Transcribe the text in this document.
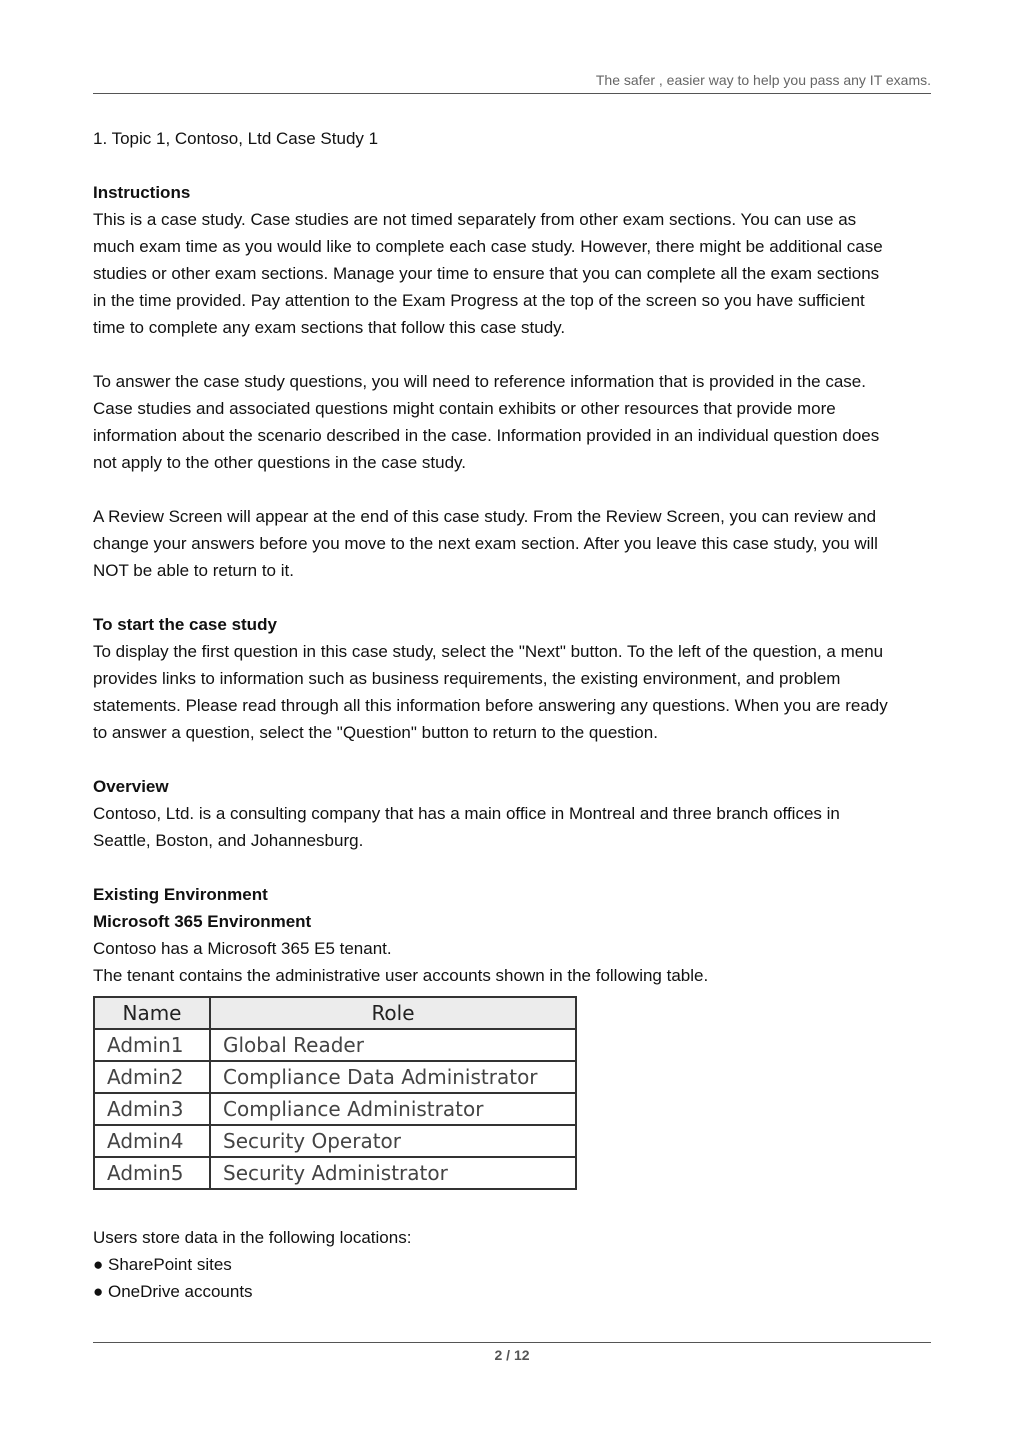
The safer , easier way to help you pass any IT exams.

1. Topic 1, Contoso, Ltd Case Study 1

Instructions
This is a case study. Case studies are not timed separately from other exam sections. You can use as
much exam time as you would like to complete each case study. However, there might be additional case
studies or other exam sections. Manage your time to ensure that you can complete all the exam sections
in the time provided. Pay attention to the Exam Progress at the top of the screen so you have sufficient
time to complete any exam sections that follow this case study.
To answer the case study questions, you will need to reference information that is provided in the case.
Case studies and associated questions might contain exhibits or other resources that provide more
information about the scenario described in the case. Information provided in an individual question does
not apply to the other questions in the case study.
A Review Screen will appear at the end of this case study. From the Review Screen, you can review and
change your answers before you move to the next exam section. After you leave this case study, you will
NOT be able to return to it.
To start the case study
To display the first question in this case study, select the "Next" button. To the left of the question, a menu
provides links to information such as business requirements, the existing environment, and problem
statements. Please read through all this information before answering any questions. When you are ready
to answer a question, select the "Question" button to return to the question.
Overview
Contoso, Ltd. is a consulting company that has a main office in Montreal and three branch offices in
Seattle, Boston, and Johannesburg.
Existing Environment
Microsoft 365 Environment
Contoso has a Microsoft 365 E5 tenant.
The tenant contains the administrative user accounts shown in the following table.
Name	Role
Admin1	Global Reader
Admin2	Compliance Data Administrator
Admin3	Compliance Administrator
Admin4	Security Operator
Admin5	Security Administrator
Users store data in the following locations:
● SharePoint sites
● OneDrive accounts
2 / 12
